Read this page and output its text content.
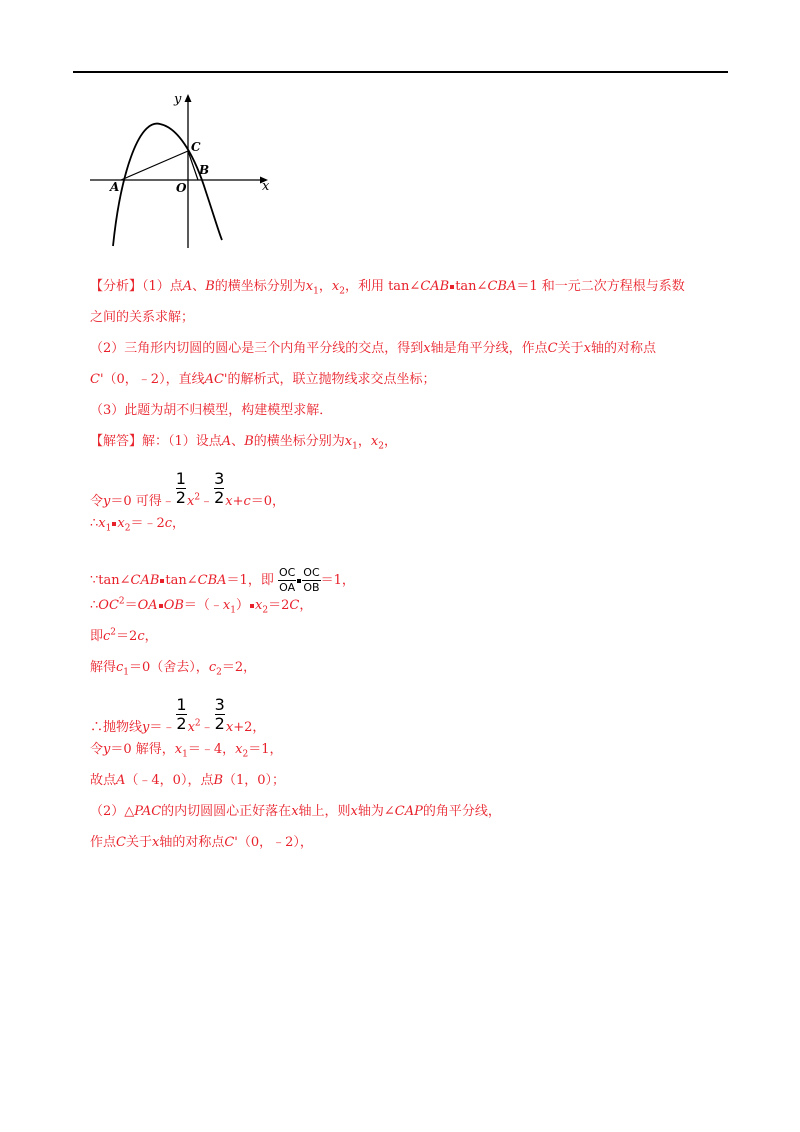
y
x
A	O
B
C
【分析】（1）点A、B的横坐标分别为$x_1$，$x_2$，利用 tan∠CAB tan∠CBA＝1 和一元二次方程根与系数
之间的关系求解；
（2）三角形内切圆的圆心是三个内角平分线的交点，得到x轴是角平分线，作点C关于x轴的对称点
C'（0，﹣2），直线AC'的解析式，联立抛物线求交点坐标；
（3）此题为胡不归模型，构建模型求解．
【解答】解：（1）设点A、B的横坐标分别为$x_1$，$x_2$，
令y＝0 可得﹣ $\frac{1}{2}$ $x^2﹣ \frac{3}{2} x+c=0$，
$\therefore x_1$ $x_2=﹣2c$，
∵tan∠CAB tan∠CBA＝1，即 $\frac{OC}{OA} \frac{OC}{OB} =1$，
$\therefore OC^2=OA$ $OB=(﹣x_1)$ $x_2=2C$，
即$c^2=2c$，
解得$c_1=0$（舍去），$c_2=2$，
∴抛物线y＝﹣ $\frac{1}{2}$ $x^2﹣ \frac{3}{2} x+2$，
令y＝0 解得，$x_1=﹣4$，$x_2=1$，
故点A（﹣4，0），点B（1，0）；
（2）△PAC的内切圆圆心正好落在x轴上，则x轴为∠CAP的角平分线，
作点C关于x轴的对称点C'（0，﹣2），
